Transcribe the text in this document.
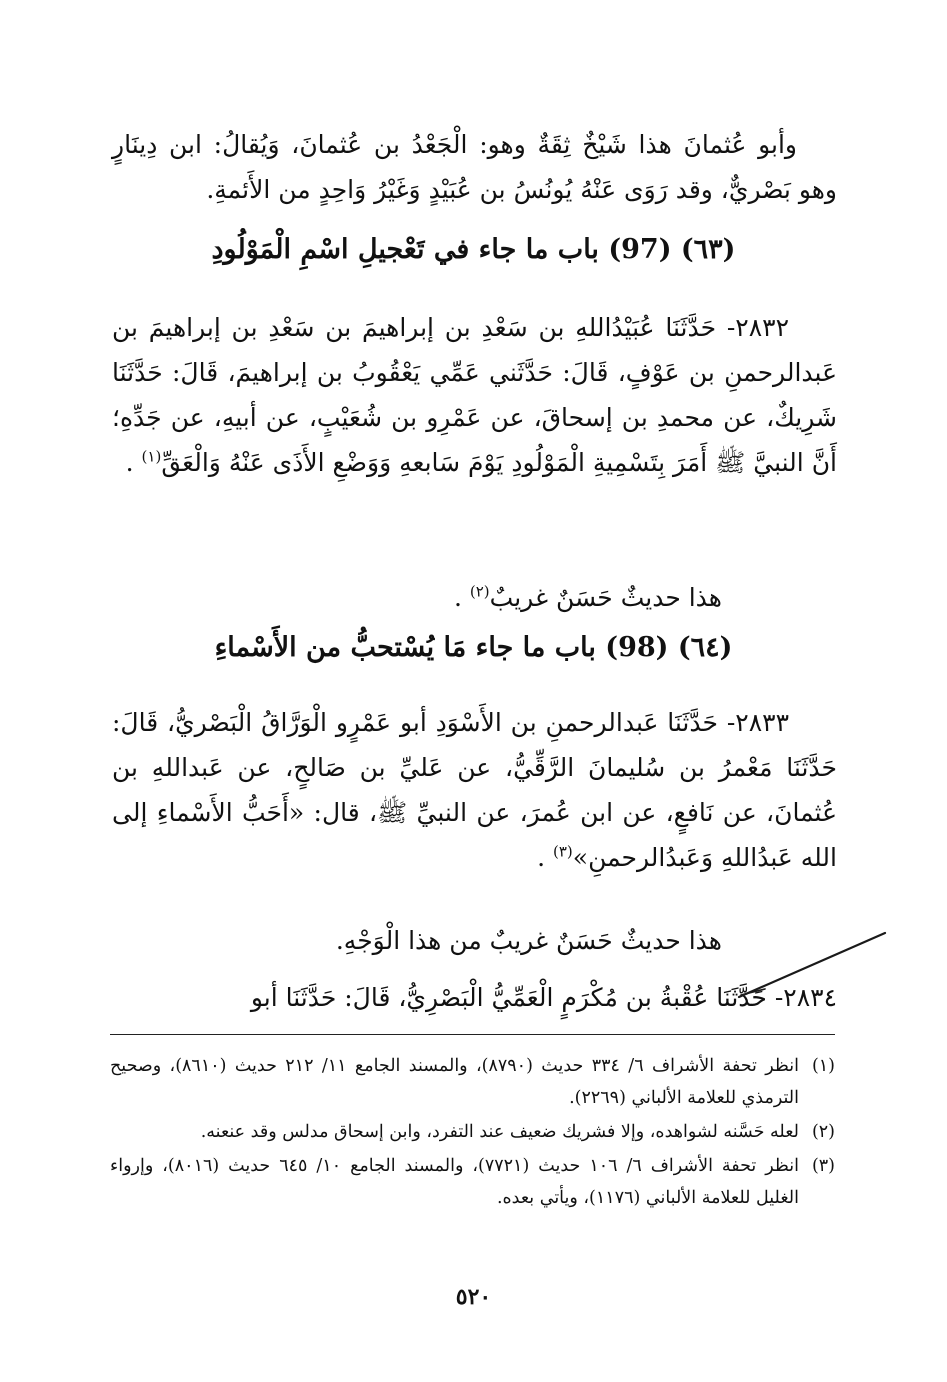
وأبو عُثمانَ هذا شَيْخٌ ثِقَةٌ وهو: الْجَعْدُ بن عُثمانَ، وَيُقالُ: ابن دِينَارٍ وهو بَصْريٌّ، وقد رَوَى عَنْهُ يُونُسُ بن عُبَيْدٍ وَغَيْرُ وَاحِدٍ من الأَئمةِ.

(٦٣) (97) باب ما جاء في تَعْجيلِ اسْمِ الْمَوْلُودِ

٢٨٣٢- حَدَّثَنَا عُبَيْدُاللهِ بن سَعْدِ بن إبراهيمَ بن سَعْدِ بن إبراهيمَ بن عَبدالرحمنِ بن عَوْفٍ، قَالَ: حَدَّثَني عَمِّي يَعْقُوبُ بن إبراهيمَ، قَالَ: حَدَّثَنَا شَرِيكٌ، عن محمدِ بن إسحاقَ، عن عَمْرِو بن شُعَيْبٍ، عن أبيهِ، عن جَدِّهِ؛ أَنَّ النبيَّ ﷺ أَمَرَ بِتَسْمِيةِ الْمَوْلُودِ يَوْمَ سَابعهِ وَوَضْعِ الأَذَى عَنْهُ وَالْعَقِّ$^{(١)}$ .

هذا حديثٌ حَسَنٌ غريبٌ$^{(٢)}$ .

(٦٤) (98) باب ما جاء مَا يُسْتحبُّ من الأَسْماءِ

٢٨٣٣- حَدَّثَنَا عَبدالرحمنِ بن الأَسْوَدِ أبو عَمْرٍو الْوَرَّاقُ الْبَصْريُّ، قَالَ: حَدَّثَنَا مَعْمرُ بن سُليمانَ الرَّقِّيُّ، عن عَليِّ بن صَالحٍ، عن عَبداللهِ بن عُثمانَ، عن نَافعٍ، عن ابن عُمرَ، عن النبيِّ ﷺ، قال: «أَحَبُّ الأَسْماءِ إلى الله عَبدُاللهِ وَعَبدُالرحمنِ»$^{(٣)}$ .

هذا حديثٌ حَسَنٌ غريبٌ من هذا الْوَجْهِ.

٢٨٣٤- حَدَّثَنَا عُقْبةُ بن مُكْرَمٍ الْعَمِّيُّ الْبَصْرِيُّ، قَالَ: حَدَّثَنَا أبو

(١)
انظر تحفة الأشراف ٦/ ٣٣٤ حديث (٨٧٩٠)، والمسند الجامع ١١/ ٢١٢ حديث (٨٦١٠)، وصحيح الترمذي للعلامة الألباني (٢٢٦٩).
(٢)
لعله حَسَّنه لشواهده، وإلا فشريك ضعيف عند التفرد، وابن إسحاق مدلس وقد عنعنه.
(٣)
انظر تحفة الأشراف ٦/ ١٠٦ حديث (٧٧٢١)، والمسند الجامع ١٠/ ٦٤٥ حديث (٨٠١٦)، وإرواء الغليل للعلامة الألباني (١١٧٦)، ويأتي بعده.
٥٢٠
